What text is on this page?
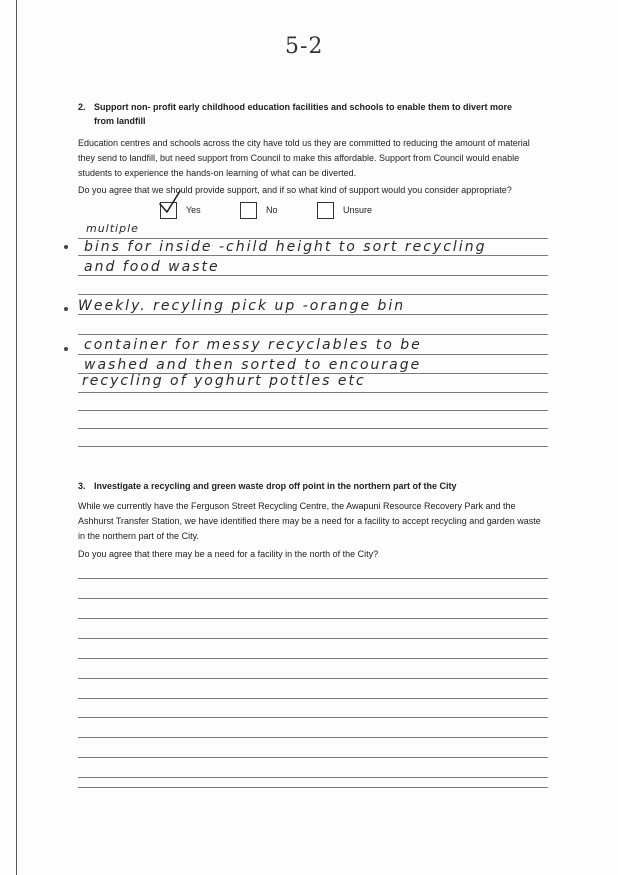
5-2
2. Support non- profit early childhood education facilities and schools to enable them to divert more
from landfill
Education centres and schools across the city have told us they are committed to reducing the amount of material
they send to landfill, but need support from Council to make this affordable. Support from Council would enable
students to experience the hands-on learning of what can be diverted.
Do you agree that we should provide support, and if so what kind of support would you consider appropriate?
Yes	No	Unsure
multiple
bins for inside -child height to sort recycling
and food waste
Weekly. recyling pick up -orange bin
container for messy recyclables to be
washed and then sorted to encourage
recycling of yoghurt pottles etc
3. Investigate a recycling and green waste drop off point in the northern part of the City
While we currently have the Ferguson Street Recycling Centre, the Awapuni Resource Recovery Park and the
Ashhurst Transfer Station, we have identified there may be a need for a facility to accept recycling and garden waste
in the northern part of the City.
Do you agree that there may be a need for a facility in the north of the City?
